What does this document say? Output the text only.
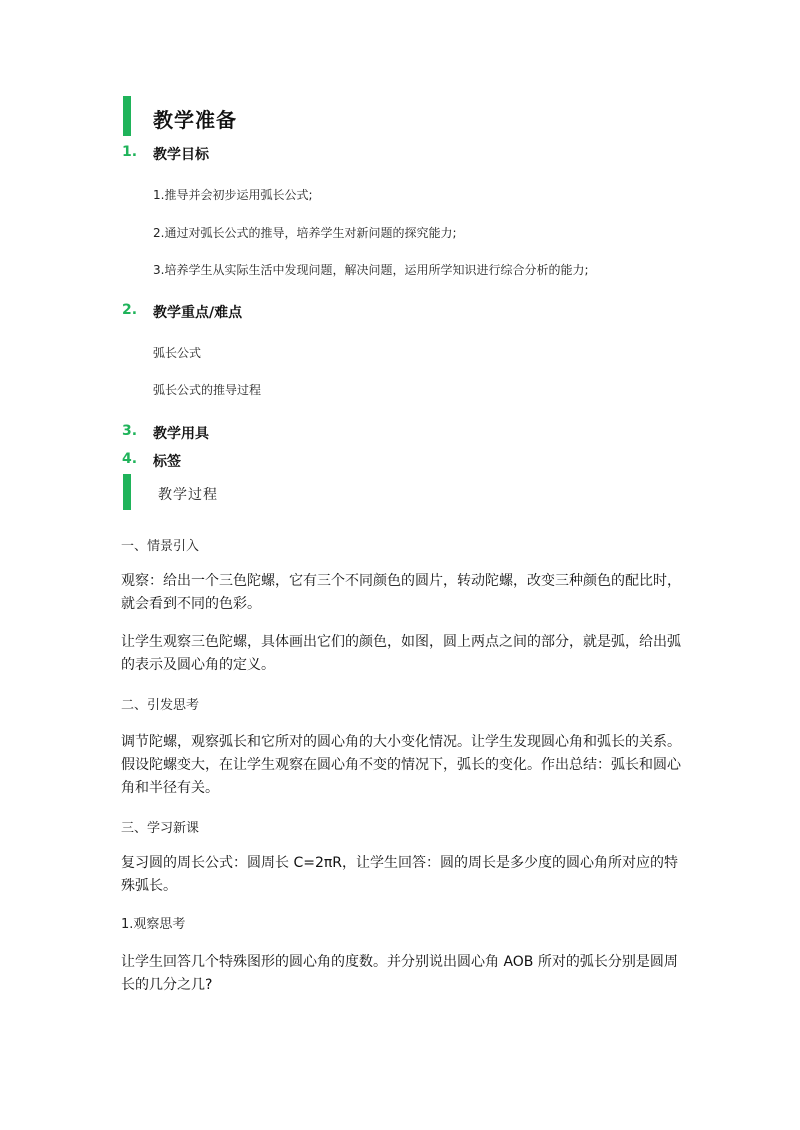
教学准备
1. 教学目标
1.推导并会初步运用弧长公式;
2.通过对弧长公式的推导，培养学生对新问题的探究能力;
3.培养学生从实际生活中发现问题，解决问题，运用所学知识进行综合分析的能力;
2. 教学重点/难点
弧长公式
弧长公式的推导过程
3. 教学用具
4. 标签
教学过程
一、情景引入
观察：给出一个三色陀螺，它有三个不同颜色的圆片，转动陀螺，改变三种颜色的配比时，就会看到不同的色彩。
让学生观察三色陀螺，具体画出它们的颜色，如图，圆上两点之间的部分，就是弧，给出弧的表示及圆心角的定义。
二、引发思考
调节陀螺，观察弧长和它所对的圆心角的大小变化情况。让学生发现圆心角和弧长的关系。假设陀螺变大，在让学生观察在圆心角不变的情况下，弧长的变化。作出总结：弧长和圆心角和半径有关。
三、学习新课
复习圆的周长公式：圆周长 C=2πR，让学生回答：圆的周长是多少度的圆心角所对应的特殊弧长。
1.观察思考
让学生回答几个特殊图形的圆心角的度数。并分别说出圆心角 AOB 所对的弧长分别是圆周长的几分之几?
